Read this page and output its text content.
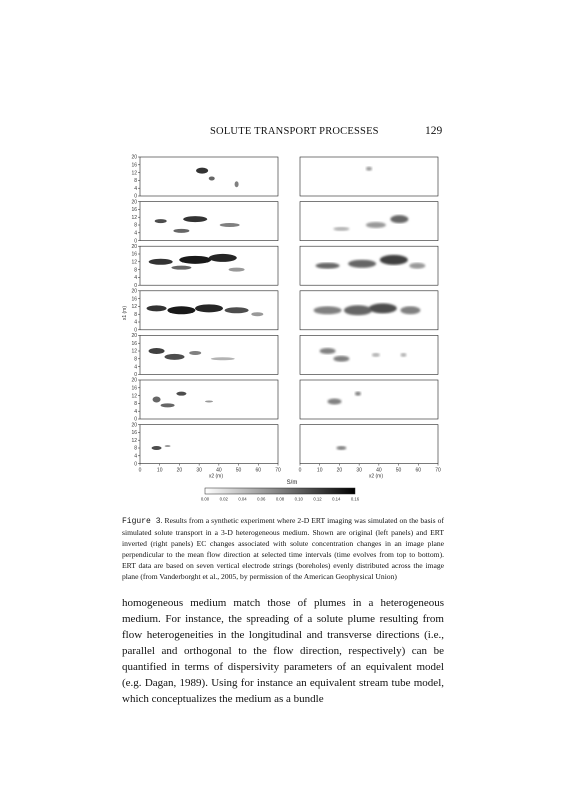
SOLUTE TRANSPORT PROCESSES	129
0
4
8
12
16
20
0
4
8
12
16
20
0
4
8
12
16
20
0
4
8
12
16
20
0
4
8
12
16
20
0
4
8
12
16
20
0
4
8
12
16
20
0	10	20	30	40	50	60	70	0	10	20	30	40	50	60	70
x2 (m)	x2 (m)
x1 (m)
S/m
0.00 0.02 0.04 0.06 0.08 0.10 0.12 0.14 0.16
Figure 3. Results from a synthetic experiment where 2-D ERT imaging was simulated on the basis of simulated solute transport in a 3-D heterogeneous medium. Shown are original (left panels) and ERT inverted (right panels) EC changes associated with solute concentration changes in an image plane perpendicular to the mean flow direction at selected time intervals (time evolves from top to bottom). ERT data are based on seven vertical electrode strings (boreholes) evenly distributed across the image plane (from Vanderborght et al., 2005, by permission of the American Geophysical Union)
homogeneous medium match those of plumes in a heterogeneous medium. For instance, the spreading of a solute plume resulting from flow heterogeneities in the longitudinal and transverse directions (i.e., parallel and orthogonal to the flow direction, respectively) can be quantified in terms of dispersivity parameters of an equivalent model (e.g. Dagan, 1989). Using for instance an equivalent stream tube model, which conceptualizes the medium as a bundle
